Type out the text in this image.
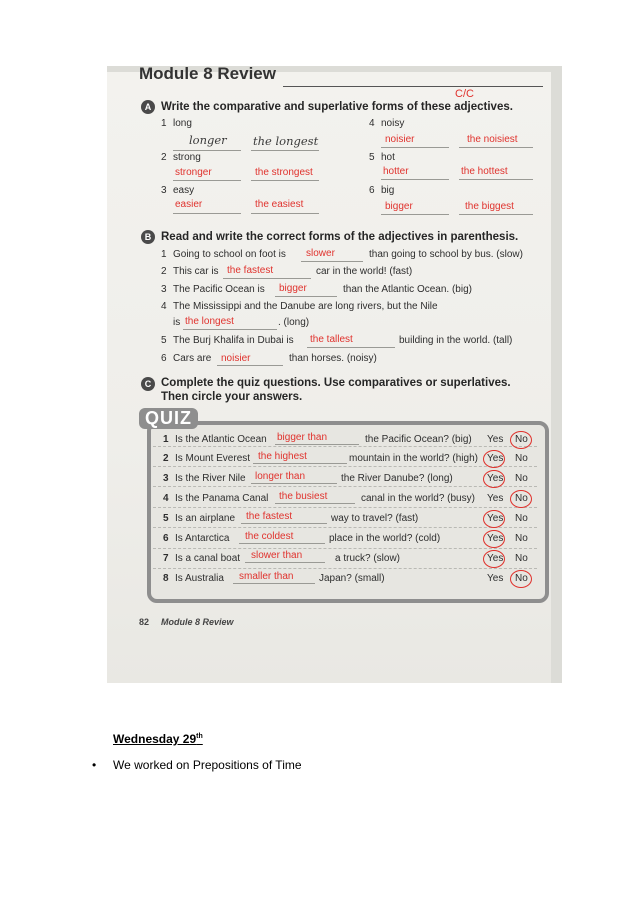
Module 8 Review
C/C
A Write the comparative and superlative forms of these adjectives.
1 long
longer the longest
2 strong
stronger	the strongest
3 easy
easier	the easiest
4 noisy
noisier	the noisiest
5 hot
hotter	the hottest
6 big
bigger	the biggest
B Read and write the correct forms of the adjectives in parenthesis.
1 Going to school on foot is slower	than going to school by bus. (slow)
2 This car is the fastest	car in the world! (fast)
3 The Pacific Ocean is bigger	than the Atlantic Ocean. (big)
4 The Mississippi and the Danube are long rivers, but the Nile
is the longest	. (long)
5 The Burj Khalifa in Dubai is the tallest	building in the world. (tall)
6 Cars are noisier	than horses. (noisy)
C Complete the quiz questions. Use comparatives or superlatives.
Then circle your answers.
QUIZ
1 Is the Atlantic Ocean bigger than	the Pacific Ocean? (big) Yes No
2 Is Mount Everest the highest	mountain in the world? (high) Yes No
3 Is the River Nile longer than	the River Danube? (long)	Yes No
4 Is the Panama Canal the busiest	canal in the world? (busy) Yes No
5 Is an airplane the fastest	way to travel? (fast)	Yes No
6 Is Antarctica the coldest	place in the world? (cold)	Yes No
7 Is a canal boat slower than	a truck? (slow)	Yes No
8 Is Australia smaller than	Japan? (small)	Yes No
82 Module 8 Review
Wednesday 29th
• We worked on Prepositions of Time
